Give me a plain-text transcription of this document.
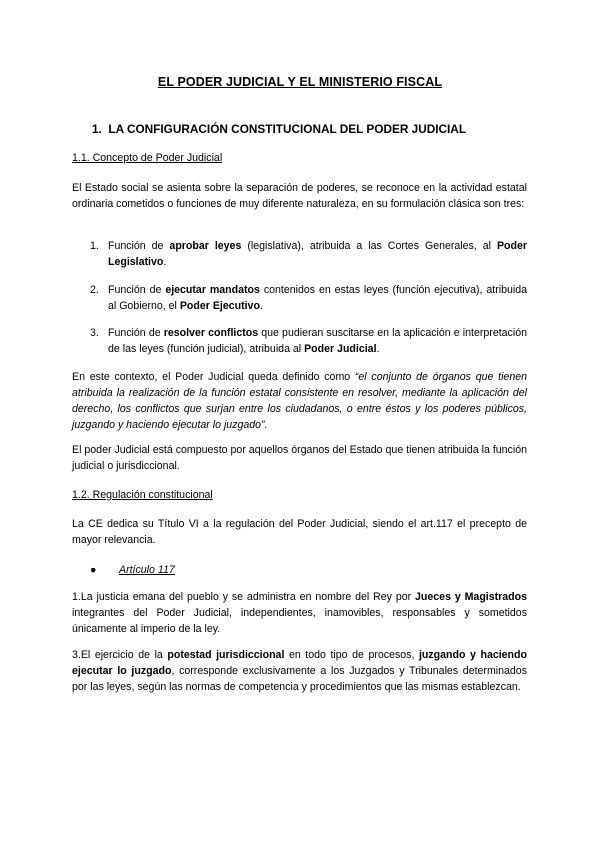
EL PODER JUDICIAL Y EL MINISTERIO FISCAL
1. LA CONFIGURACIÓN CONSTITUCIONAL DEL PODER JUDICIAL
1.1. Concepto de Poder Judicial
El Estado social se asienta sobre la separación de poderes, se reconoce en la actividad estatal ordinaria cometidos o funciones de muy diferente naturaleza, en su formulación clásica son tres:
1. Función de aprobar leyes (legislativa), atribuida a las Cortes Generales, al Poder Legislativo.
2. Función de ejecutar mandatos contenidos en estas leyes (función ejecutiva), atribuida al Gobierno, el Poder Ejecutivo.
3. Función de resolver conflictos que pudieran suscitarse en la aplicación e interpretación de las leyes (función judicial), atribuida al Poder Judicial.
En este contexto, el Poder Judicial queda definido como “el conjunto de órganos que tienen atribuida la realización de la función estatal consistente en resolver, mediante la aplicación del derecho, los conflictos que surjan entre los ciudadanos, o entre éstos y los poderes públicos, juzgando y haciendo ejecutar lo juzgado”.
El poder Judicial está compuesto por aquellos órganos del Estado que tienen atribuida la función judicial o jurisdiccional.
1.2. Regulación constitucional
La CE dedica su Título VI a la regulación del Poder Judicial, siendo el art.117 el precepto de mayor relevancia.
● Artículo 117
1.La justicia emana del pueblo y se administra en nombre del Rey por Jueces y Magistrados integrantes del Poder Judicial, independientes, inamovibles, responsables y sometidos únicamente al imperio de la ley.
3.El ejercicio de la potestad jurisdiccional en todo tipo de procesos, juzgando y haciendo ejecutar lo juzgado, corresponde exclusivamente a los Juzgados y Tribunales determinados por las leyes, según las normas de competencia y procedimientos que las mismas establezcan.
